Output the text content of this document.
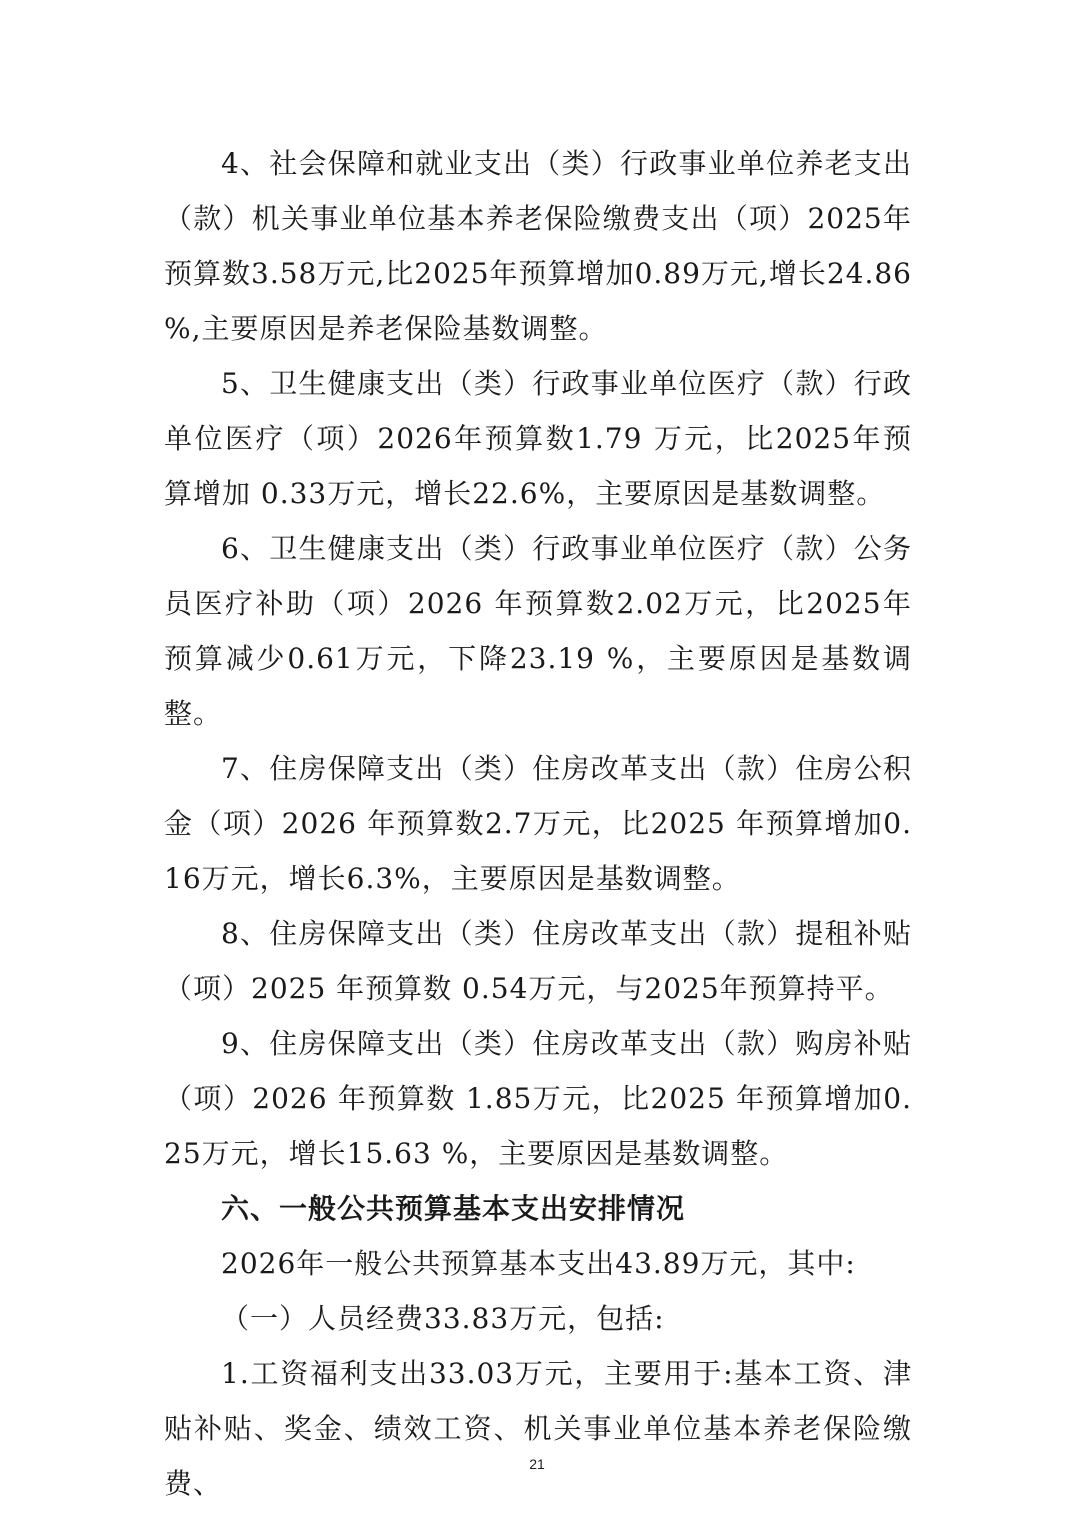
4、社会保障和就业支出（类）行政事业单位养老支出（款）机关事业单位基本养老保险缴费支出（项）2025年预算数3.58万元,比2025年预算增加0.89万元,增长24.86 %,主要原因是养老保险基数调整。

5、卫生健康支出（类）行政事业单位医疗（款）行政单位医疗（项）2026年预算数1.79 万元，比2025年预算增加 0.33万元，增长22.6%，主要原因是基数调整。

6、卫生健康支出（类）行政事业单位医疗（款）公务员医疗补助（项）2026 年预算数2.02万元，比2025年预算减少0.61万元，下降23.19 %，主要原因是基数调整。

7、住房保障支出（类）住房改革支出（款）住房公积金（项）2026 年预算数2.7万元，比2025 年预算增加0.16万元，增长6.3%，主要原因是基数调整。

8、住房保障支出（类）住房改革支出（款）提租补贴（项）2025 年预算数 0.54万元，与2025年预算持平。

9、住房保障支出（类）住房改革支出（款）购房补贴（项）2026 年预算数 1.85万元，比2025 年预算增加0.25万元，增长15.63 %，主要原因是基数调整。

六、一般公共预算基本支出安排情况

2026年一般公共预算基本支出43.89万元，其中:

（一）人员经费33.83万元，包括:

1.工资福利支出33.03万元，主要用于:基本工资、津贴补贴、奖金、绩效工资、机关事业单位基本养老保险缴费、

21
